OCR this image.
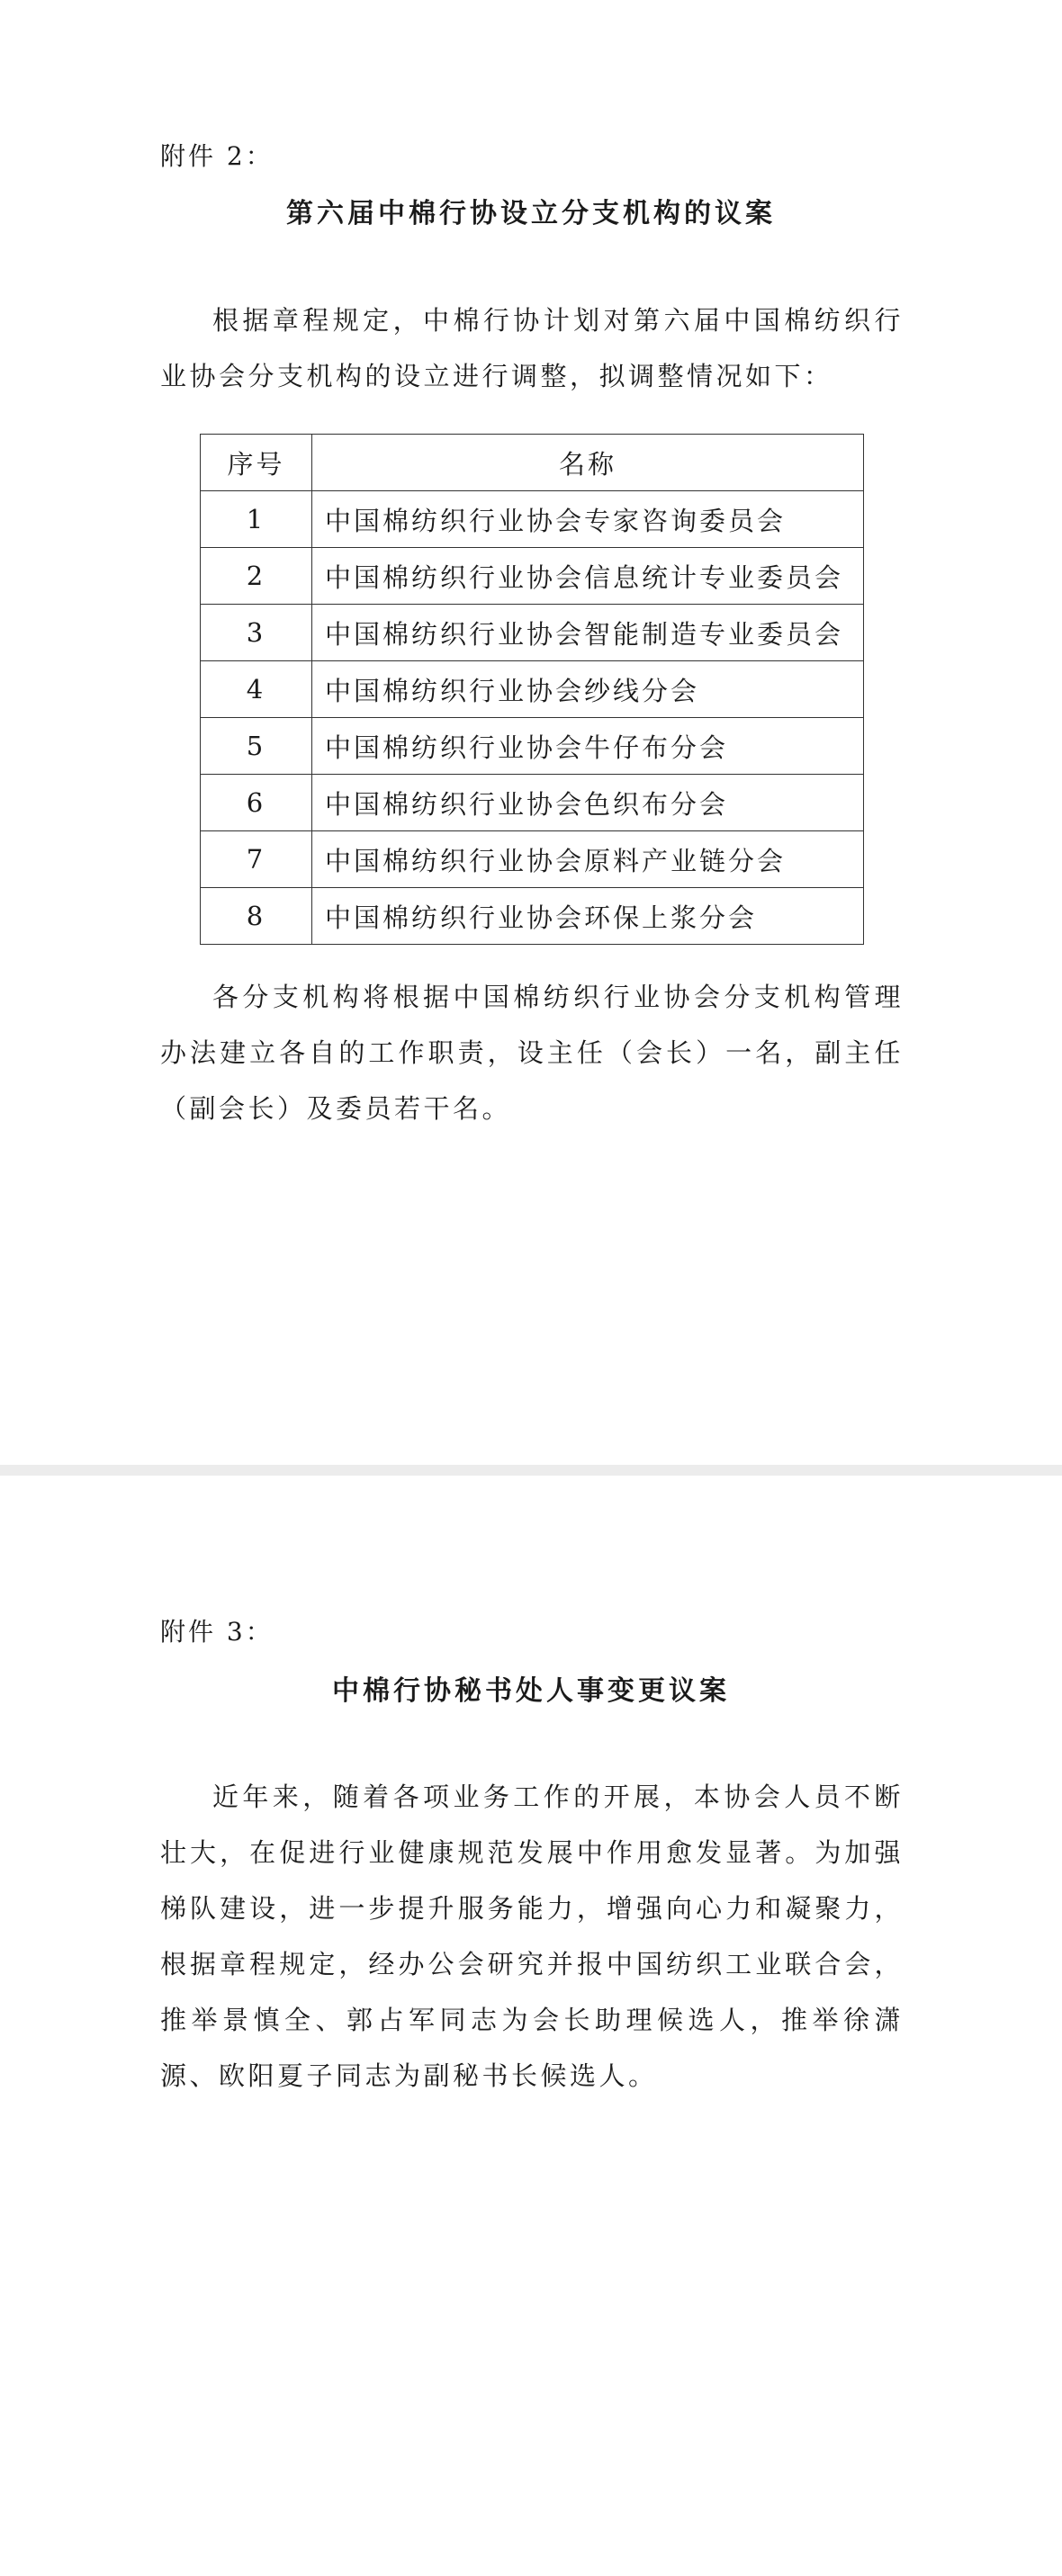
附件 2：
第六届中棉行协设立分支机构的议案
根据章程规定，中棉行协计划对第六届中国棉纺织行业协会分支机构的设立进行调整，拟调整情况如下：
序号	名称
1	中国棉纺织行业协会专家咨询委员会
2	中国棉纺织行业协会信息统计专业委员会
3	中国棉纺织行业协会智能制造专业委员会
4	中国棉纺织行业协会纱线分会
5	中国棉纺织行业协会牛仔布分会
6	中国棉纺织行业协会色织布分会
7	中国棉纺织行业协会原料产业链分会
8	中国棉纺织行业协会环保上浆分会
各分支机构将根据中国棉纺织行业协会分支机构管理办法建立各自的工作职责，设主任（会长）一名，副主任（副会长）及委员若干名。
附件 3：
中棉行协秘书处人事变更议案
近年来，随着各项业务工作的开展，本协会人员不断壮大，在促进行业健康规范发展中作用愈发显著。为加强梯队建设，进一步提升服务能力，增强向心力和凝聚力，根据章程规定，经办公会研究并报中国纺织工业联合会，推举景慎全、郭占军同志为会长助理候选人，推举徐潇源、欧阳夏子同志为副秘书长候选人。
